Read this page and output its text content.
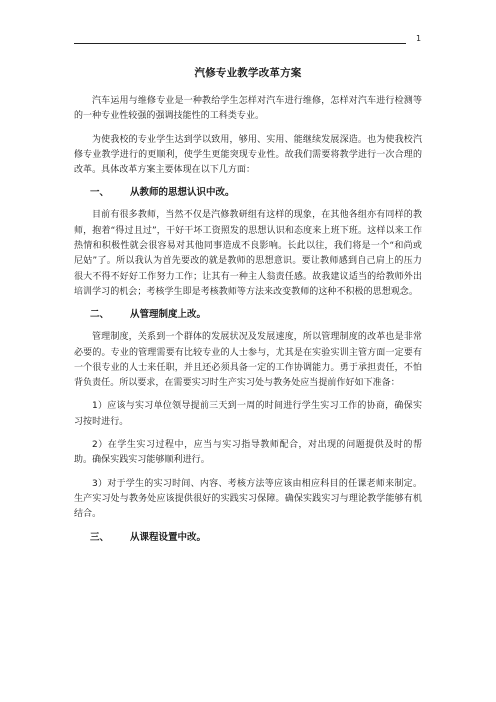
1
汽修专业教学改革方案

汽车运用与维修专业是一种教给学生怎样对汽车进行维修，怎样对汽车进行检测等的一种专业性较强的强调技能性的工科类专业。

为使我校的专业学生达到学以致用，够用、实用、能继续发展深造。也为使我校汽修专业教学进行的更顺利，使学生更能突现专业性。故我们需要将教学进行一次合理的改革。具体改革方案主要体现在以下几方面：

一、 从教师的思想认识中改。

目前有很多教师，当然不仅是汽修教研组有这样的现象，在其他各组亦有同样的教师，抱着“得过且过”，干好干坏工资照发的思想认识和态度来上班下班。这样以来工作热情和积极性就会很容易对其他同事造成不良影响。长此以往，我们将是一个“和尚或尼姑”了。所以我认为首先要改的就是教师的思想意识。要让教师感到自己肩上的压力很大不得不好好工作努力工作；让其有一种主人翁责任感。故我建议适当的给教师外出培训学习的机会；考核学生即是考核教师等方法来改变教师的这种不积极的思想观念。

二、 从管理制度上改。

管理制度，关系到一个群体的发展状况及发展速度，所以管理制度的改革也是非常必要的。专业的管理需要有比较专业的人士参与，尤其是在实验实训主管方面一定要有一个很专业的人士来任职，并且还必须具备一定的工作协调能力。勇于承担责任，不怕背负责任。所以要求，在需要实习时生产实习处与教务处应当提前作好如下准备：

1）应该与实习单位领导提前三天到一周的时间进行学生实习工作的协商，确保实习按时进行。

2）在学生实习过程中，应当与实习指导教师配合，对出现的问题提供及时的帮助。确保实践实习能够顺利进行。

3）对于学生的实习时间、内容、考核方法等应该由相应科目的任课老师来制定。生产实习处与教务处应该提供很好的实践实习保障。确保实践实习与理论教学能够有机结合。

三、 从课程设置中改。
